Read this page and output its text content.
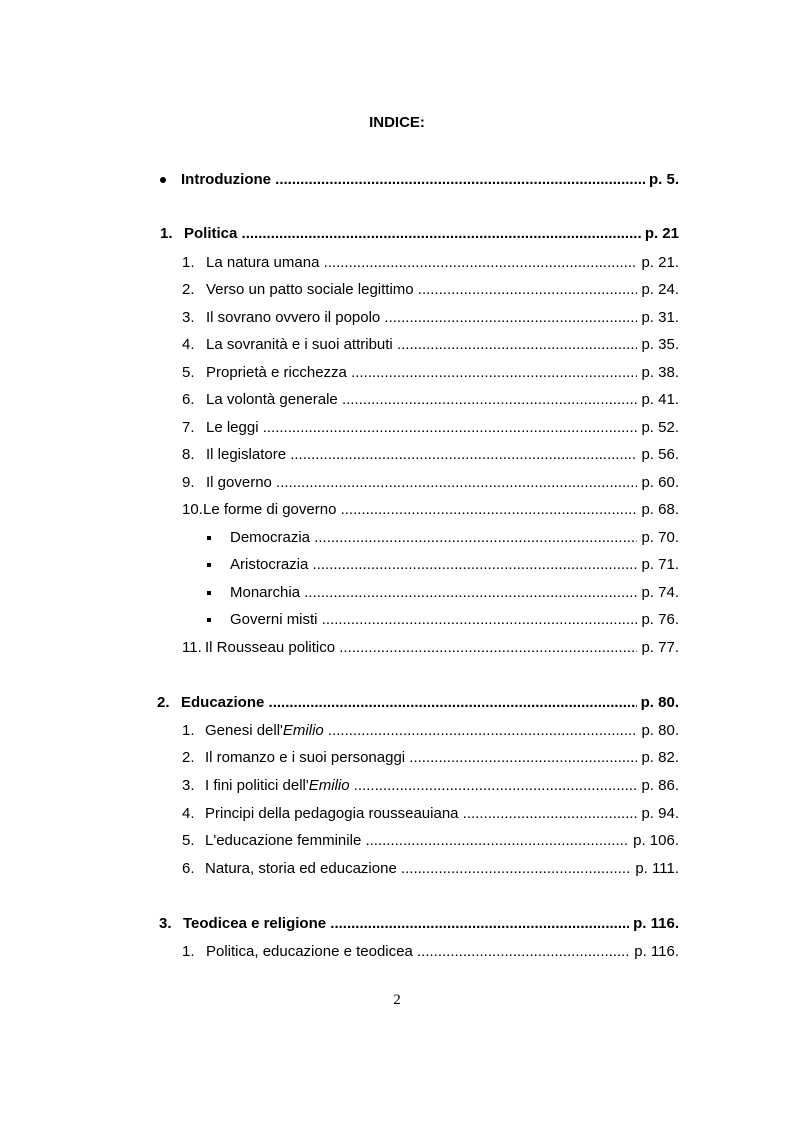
INDICE:
Introduzione .....	p. 5.
1. Politica .....	p. 21
1. La natura umana .....	p. 21.
2. Verso un patto sociale legittimo .....	p. 24.
3. Il sovrano ovvero il popolo .....	p. 31.
4. La sovranità e i suoi attributi .....	p. 35.
5. Proprietà e ricchezza .....	p. 38.
6. La volontà generale .....	p. 41.
7. Le leggi .....	p. 52.
8. Il legislatore .....	p. 56.
9. Il governo .....	p. 60.
10. Le forme di governo .....	p. 68.
Democrazia .....	p. 70.
Aristocrazia .....	p. 71.
Monarchia .....	p. 74.
Governi misti .....	p. 76.
11. Il Rousseau politico .....	p. 77.
2. Educazione .....	p. 80.
1. Genesi dell'Emilio .....	p. 80.
2. Il romanzo e i suoi personaggi .....	p. 82.
3. I fini politici dell'Emilio .....	p. 86.
4. Principi della pedagogia rousseauiana .....	p. 94.
5. L'educazione femminile .....	p. 106.
6. Natura, storia ed educazione .....	p. 111.
3. Teodicea e religione .....	p. 116.
1. Politica, educazione e teodicea .....	p. 116.
2
